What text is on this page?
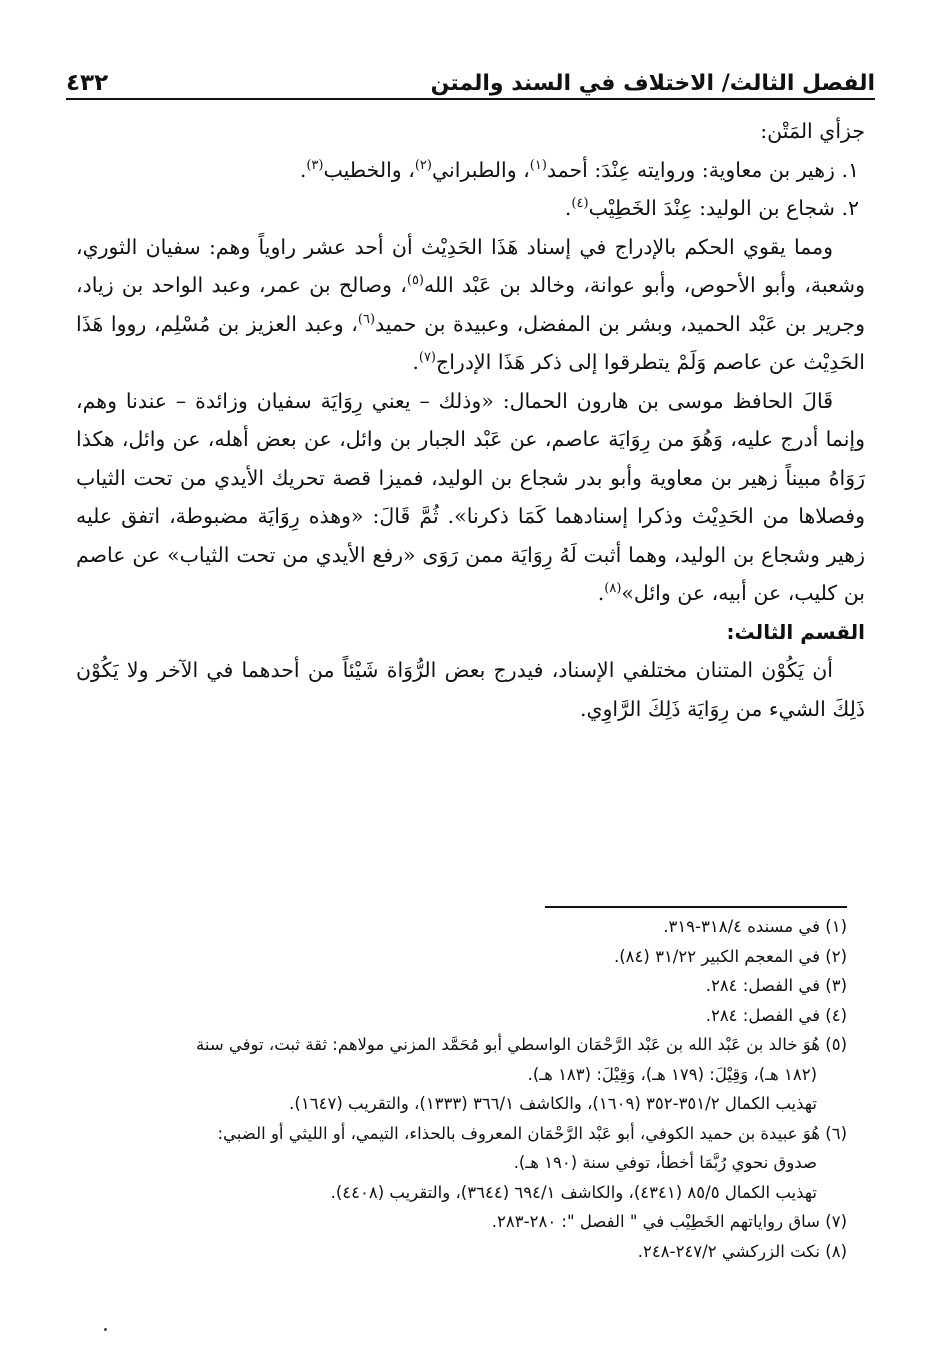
الفصل الثالث/ الاختلاف في السند والمتن
٤٣٢

جزأي المَتْن:

١. زهير بن معاوية: وروايته عِنْدَ: أحمد$^{(١)}$، والطبراني$^{(٢)}$، والخطيب$^{(٣)}$.

٢. شجاع بن الوليد: عِنْدَ الخَطِيْب$^{(٤)}$.

ومما يقوي الحكم بالإدراج في إسناد هَذَا الحَدِيْث أن أحد عشر راوياً وهم: سفيان الثوري، وشعبة، وأبو الأحوص، وأبو عوانة، وخالد بن عَبْد الله$^{(٥)}$، وصالح بن عمر، وعبد الواحد بن زياد، وجرير بن عَبْد الحميد، وبشر بن المفضل، وعبيدة بن حميد$^{(٦)}$، وعبد العزيز بن مُسْلِم، رووا هَذَا الحَدِيْث عن عاصم وَلَمْ يتطرقوا إلى ذكر هَذَا الإدراج$^{(٧)}$.

قَالَ الحافظ موسى بن هارون الحمال: «وذلك – يعني رِوَايَة سفيان وزائدة – عندنا وهم، وإنما أدرج عليه، وَهُوَ من رِوَايَة عاصم، عن عَبْد الجبار بن وائل، عن بعض أهله، عن وائل، هكذا رَوَاهُ مبيناً زهير بن معاوية وأبو بدر شجاع بن الوليد، فميزا قصة تحريك الأيدي من تحت الثياب وفصلاها من الحَدِيْث وذكرا إسنادهما كَمَا ذكرنا». ثُمَّ قَالَ: «وهذه رِوَايَة مضبوطة، اتفق عليه زهير وشجاع بن الوليد، وهما أثبت لَهُ رِوَايَة ممن رَوَى «رفع الأيدي من تحت الثياب» عن عاصم بن كليب، عن أبيه، عن وائل»$^{(٨)}$.

القسم الثالث:

أن يَكُوْن المتنان مختلفي الإسناد، فيدرج بعض الرُّوَاة شَيْئاً من أحدهما في الآخر ولا يَكُوْن ذَلِكَ الشيء من رِوَايَة ذَلِكَ الرَّاوِي.

(١) في مسنده ٣١٨/٤-٣١٩.

(٢) في المعجم الكبير ٣١/٢٢ (٨٤).

(٣) في الفصل: ٢٨٤.

(٤) في الفصل: ٢٨٤.

(٥) هُوَ خالد بن عَبْد الله بن عَبْد الرَّحْمَان الواسطي أبو مُحَمَّد المزني مولاهم: ثقة ثبت، توفي سنة

(١٨٢ هـ)، وَقِيْلَ: (١٧٩ هـ)، وَقِيْلَ: (١٨٣ هـ).

تهذيب الكمال ٣٥١/٢-٣٥٢ (١٦٠٩)، والكاشف ٣٦٦/١ (١٣٣٣)، والتقريب (١٦٤٧).

(٦) هُوَ عبيدة بن حميد الكوفي، أبو عَبْد الرَّحْمَان المعروف بالحذاء، التيمي، أو الليثي أو الضبي:

صدوق نحوي رُبَّمَا أخطأ، توفي سنة (١٩٠ هـ).

تهذيب الكمال ٨٥/٥ (٤٣٤١)، والكاشف ٦٩٤/١ (٣٦٤٤)، والتقريب (٤٤٠٨).

(٧) ساق رواياتهم الخَطِيْب في " الفصل ": ٢٨٠-٢٨٣.

(٨) نكت الزركشي ٢٤٧/٢-٢٤٨.
